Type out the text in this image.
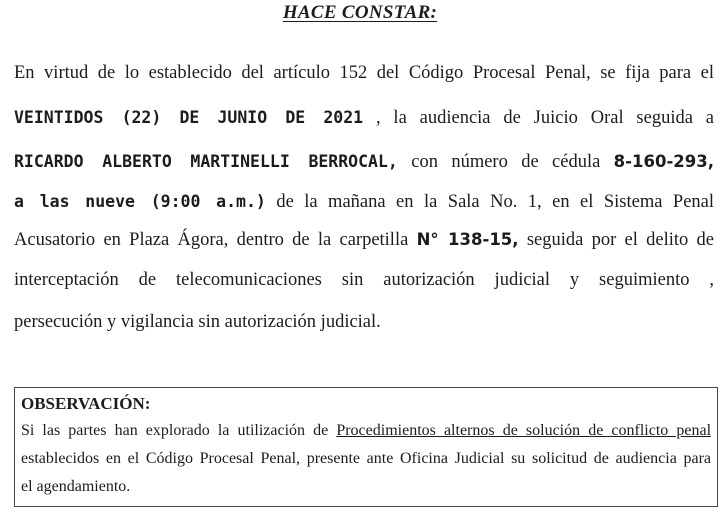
HACE CONSTAR:
En virtud de lo establecido del artículo 152 del Código Procesal Penal, se fija para el
VEINTIDOS (22) DE JUNIO DE 2021 , la audiencia de Juicio Oral seguida a
RICARDO ALBERTO MARTINELLI BERROCAL, con número de cédula 8-160-293,
a las nueve (9:00 a.m.) de la mañana en la Sala No. 1, en el Sistema Penal
Acusatorio en Plaza Ágora, dentro de la carpetilla N° 138-15, seguida por el delito de
interceptación de telecomunicaciones sin autorización judicial y seguimiento ,
persecución y vigilancia sin autorización judicial.
OBSERVACIÓN:
Si las partes han explorado la utilización de Procedimientos alternos de solución de conflicto penal
establecidos en el Código Procesal Penal, presente ante Oficina Judicial su solicitud de audiencia para
el agendamiento.
